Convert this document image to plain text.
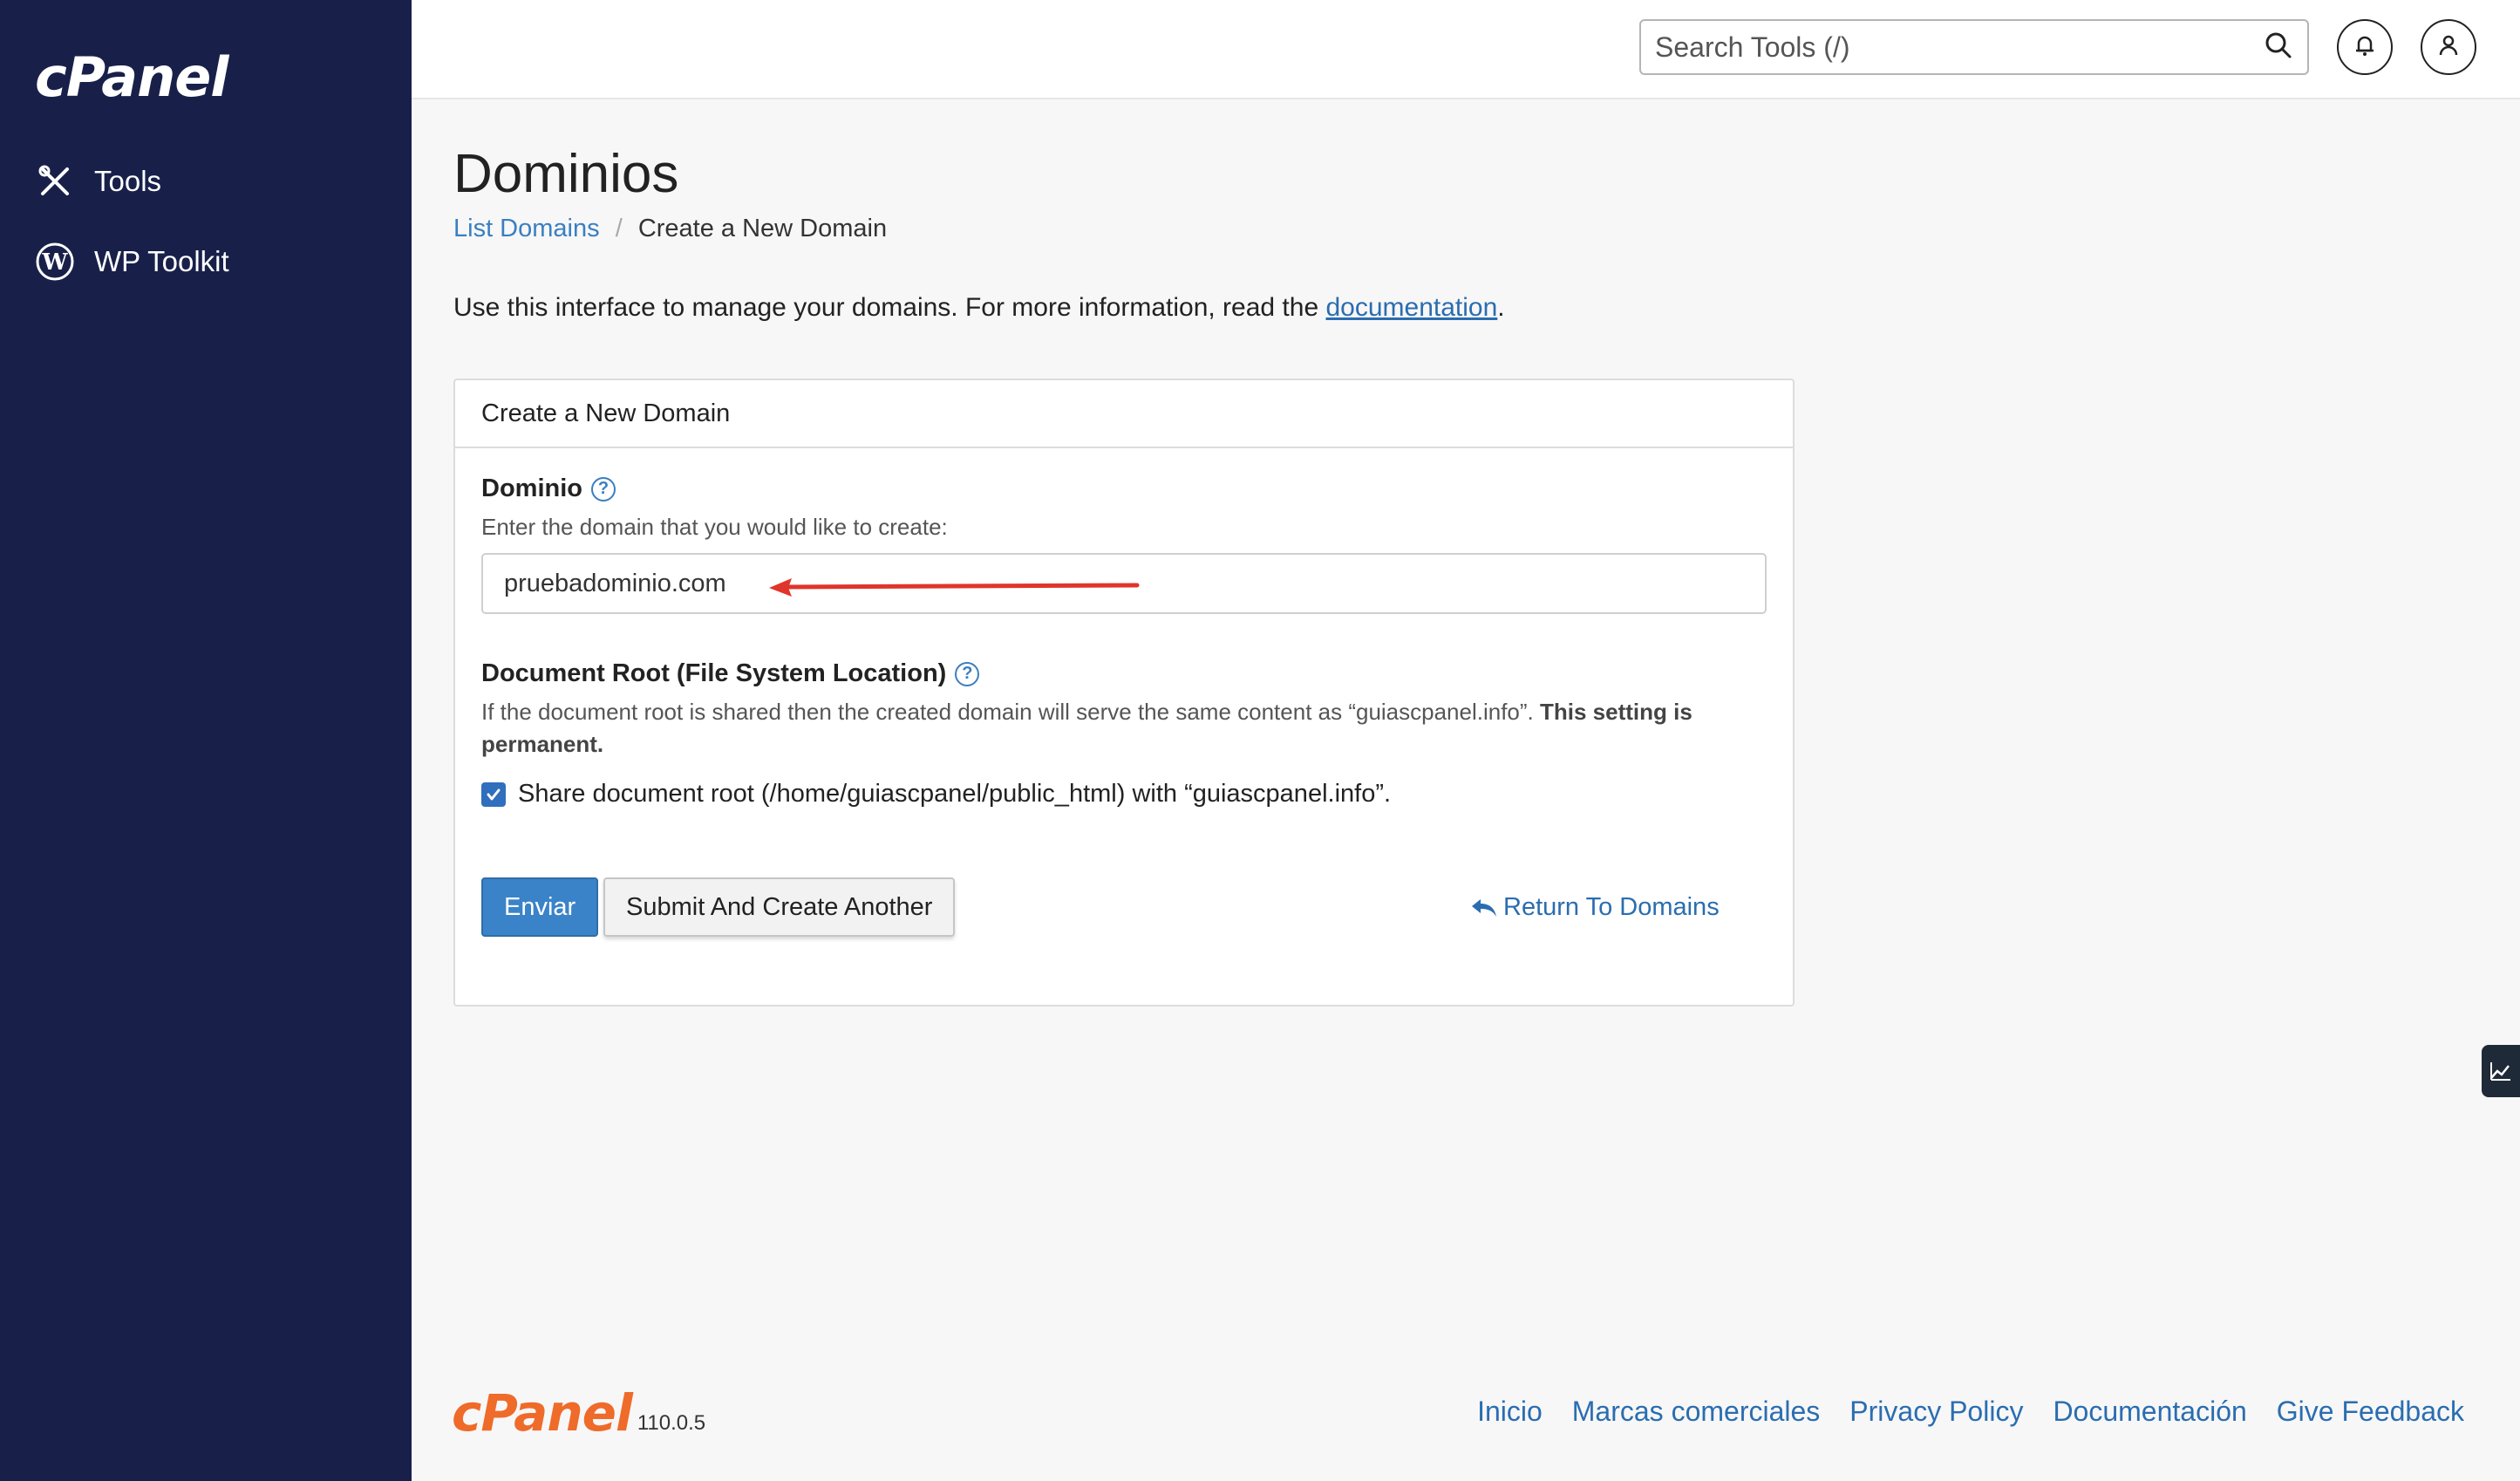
cPanel
Tools
W WP Toolkit
Search Tools (/)
Dominios
List Domains / Create a New Domain

Use this interface to manage your domains. For more information, read the documentation.

Create a New Domain
Dominio ?
Enter the domain that you would like to create:
pruebadominio.com
Document Root (File System Location) ?
If the document root is shared then the created domain will serve the same content as “guiascpanel.info”. This setting is permanent.
Share document root (/home/guiascpanel/public_html) with “guiascpanel.info”.
Enviar	Submit And Create Another	Return To Domains
cPanel 110.0.5	Inicio Marcas comerciales Privacy Policy Documentación Give Feedback
